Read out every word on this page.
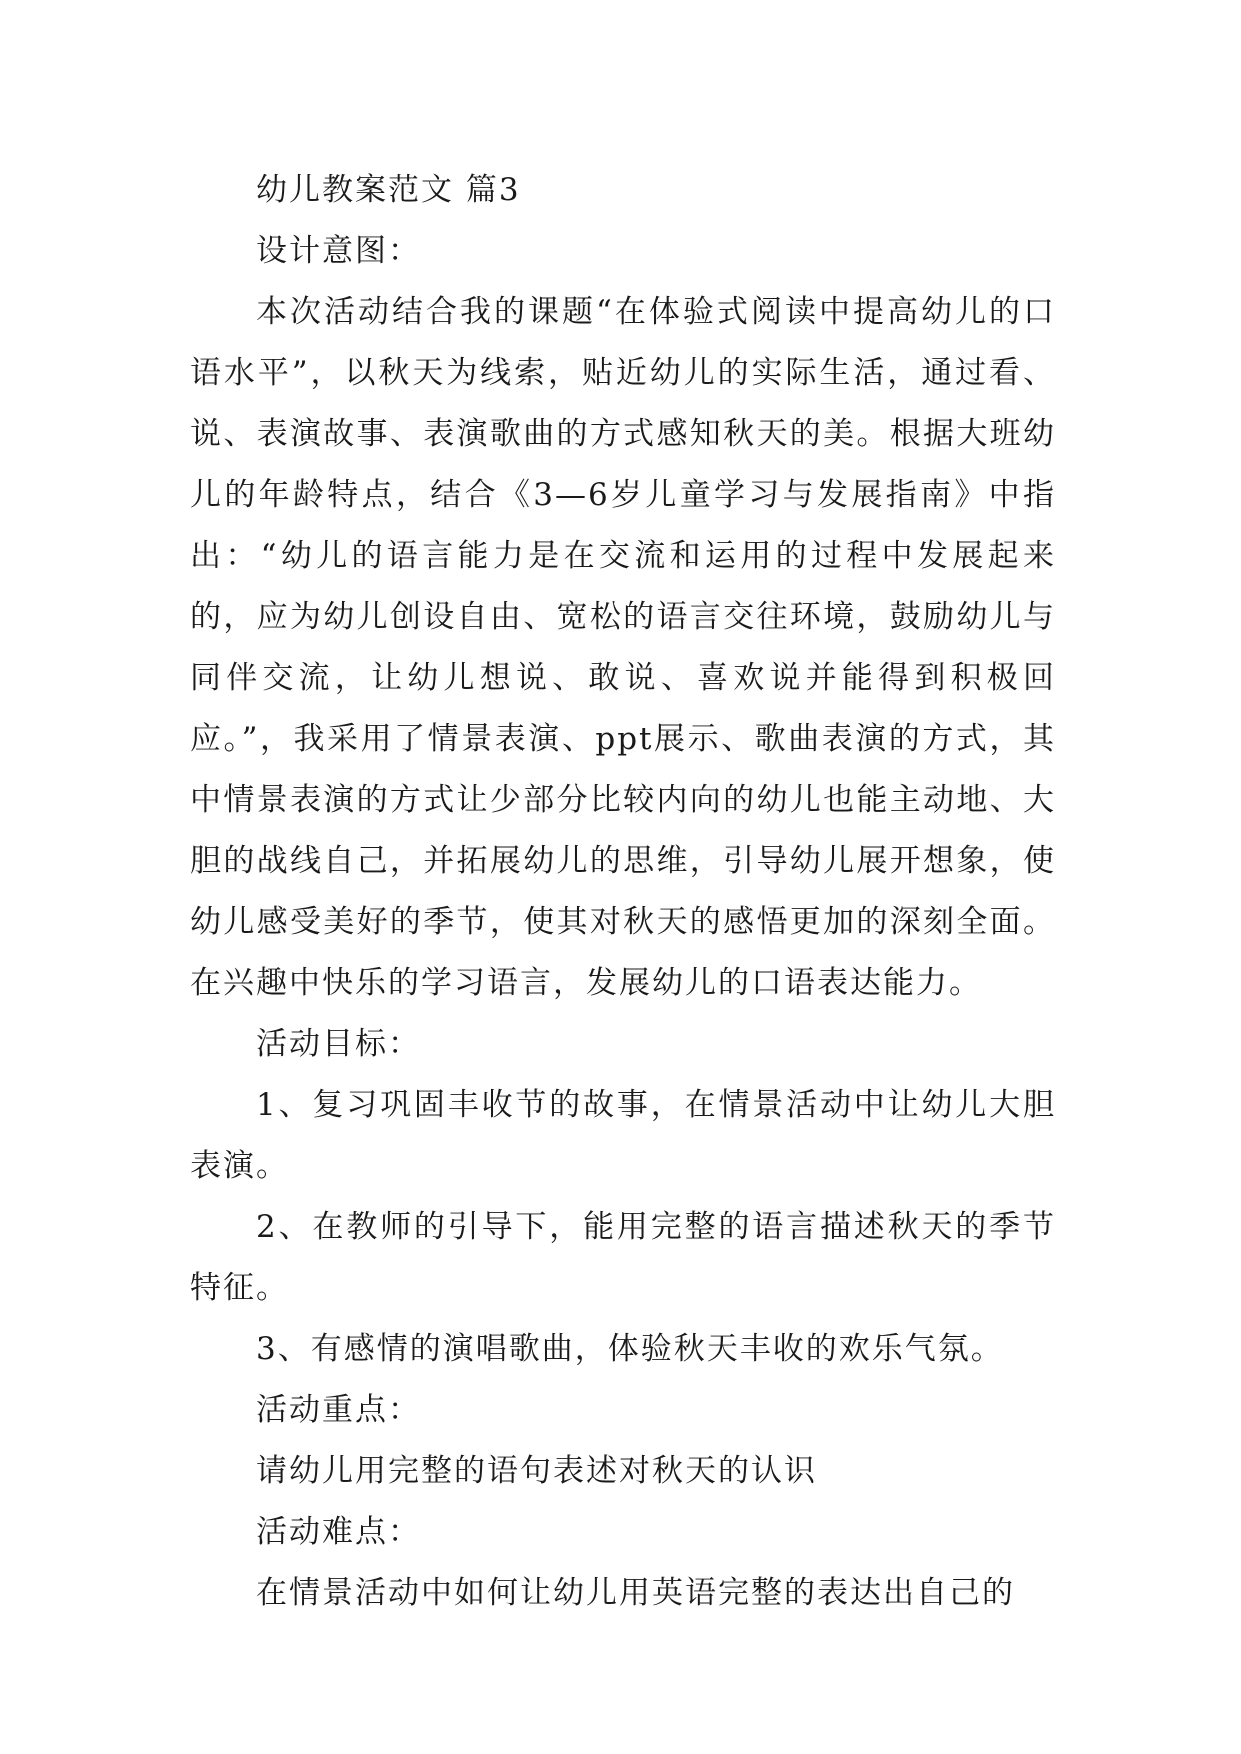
幼儿教案范文 篇3

设计意图：

本次活动结合我的课题“在体验式阅读中提高幼儿的口语水平”，以秋天为线索，贴近幼儿的实际生活，通过看、说、表演故事、表演歌曲的方式感知秋天的美。根据大班幼儿的年龄特点，结合《3—6岁儿童学习与发展指南》中指出：“幼儿的语言能力是在交流和运用的过程中发展起来的，应为幼儿创设自由、宽松的语言交往环境，鼓励幼儿与同伴交流，让幼儿想说、敢说、喜欢说并能得到积极回应。”，我采用了情景表演、ppt展示、歌曲表演的方式，其中情景表演的方式让少部分比较内向的幼儿也能主动地、大胆的战线自己，并拓展幼儿的思维，引导幼儿展开想象，使幼儿感受美好的季节，使其对秋天的感悟更加的深刻全面。在兴趣中快乐的学习语言，发展幼儿的口语表达能力。

活动目标：

1、复习巩固丰收节的故事，在情景活动中让幼儿大胆表演。

2、在教师的引导下，能用完整的语言描述秋天的季节特征。

3、有感情的演唱歌曲，体验秋天丰收的欢乐气氛。

活动重点：

请幼儿用完整的语句表述对秋天的认识

活动难点：

在情景活动中如何让幼儿用英语完整的表达出自己的
